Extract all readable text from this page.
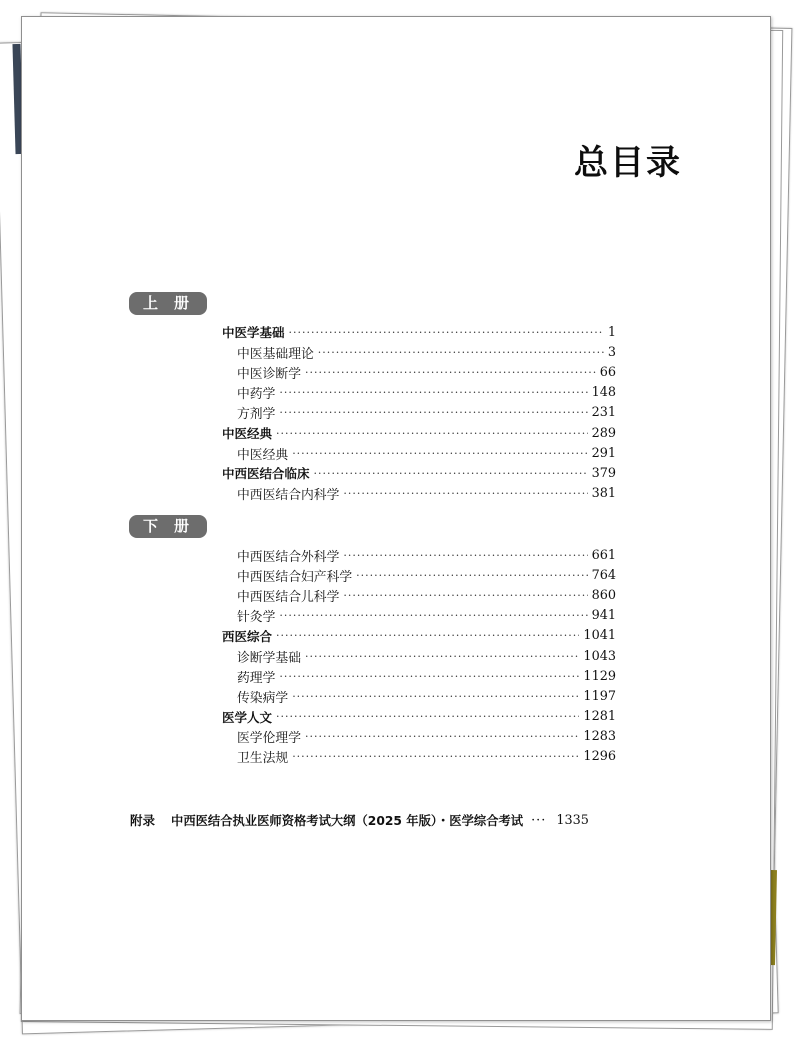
总目录
上册
中医学基础 ·····	1
中医基础理论 ·····	3
中医诊断学 ·····	66
中药学 ·····	148
方剂学 ·····	231
中医经典 ·····	289
中医经典 ·····	291
中西医结合临床 ·····	379
中西医结合内科学 ·····	381
下册
中西医结合外科学 ·····	661
中西医结合妇产科学 ·····	764
中西医结合儿科学 ·····	860
针灸学 ·····	941
西医综合 ·····	1041
诊断学基础 ·····	1043
药理学 ·····	1129
传染病学 ·····	1197
医学人文 ·····	1281
医学伦理学 ·····	1283
卫生法规 ·····	1296
附录 中西医结合执业医师资格考试大纲（2025 年版）・医学综合考试 ··· 1335
